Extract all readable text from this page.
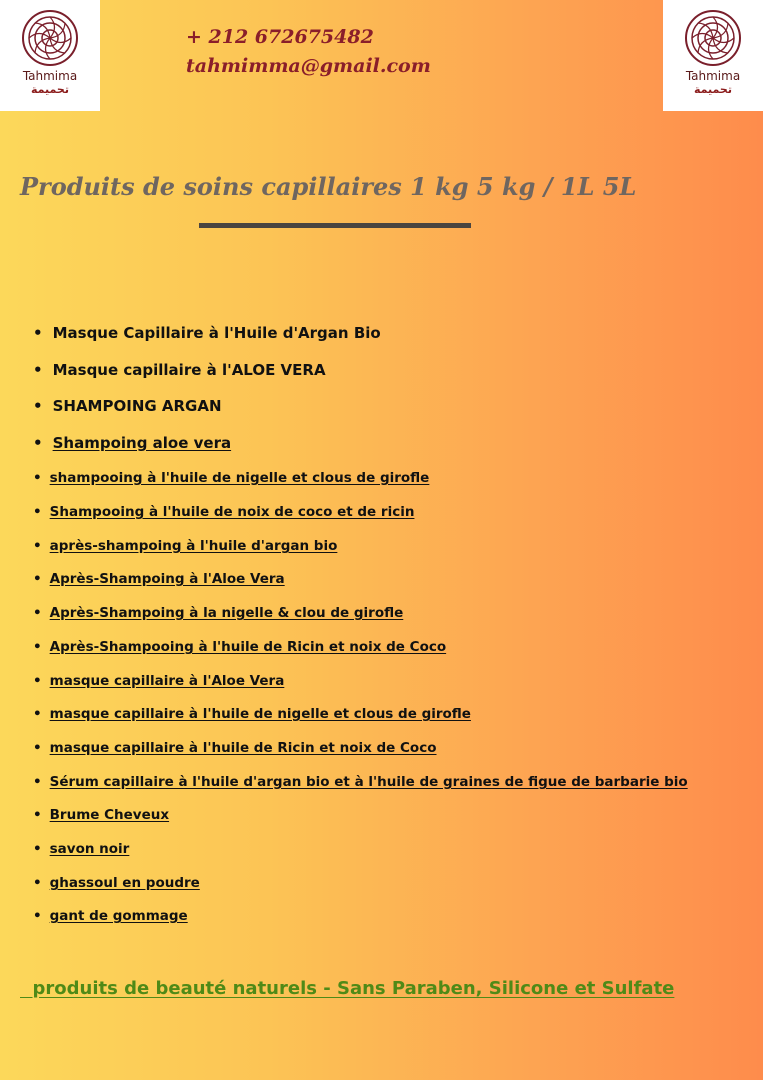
Tahmima
تحميمة
Tahmima
تحميمة
+ 212 672675482
tahmimma@gmail.com
Produits de soins capillaires 1 kg 5 kg / 1L 5L
• Masque Capillaire à l'Huile d'Argan Bio
• Masque capillaire à l'ALOE VERA
• SHAMPOING ARGAN
• Shampoing aloe vera
• shampooing à l'huile de nigelle et clous de girofle
• Shampooing à l'huile de noix de coco et de ricin
• après-shampoing à l'huile d'argan bio
• Après-Shampoing à l'Aloe Vera
• Après-Shampoing à la nigelle & clou de girofle
• Après-Shampooing à l'huile de Ricin et noix de Coco
• masque capillaire à l'Aloe Vera
• masque capillaire à l'huile de nigelle et clous de girofle
• masque capillaire à l'huile de Ricin et noix de Coco
• Sérum capillaire à l'huile d'argan bio et à l'huile de graines de figue de barbarie bio
• Brume Cheveux
• savon noir
• ghassoul en poudre
• gant de gommage
produits de beauté naturels - Sans Paraben, Silicone et Sulfate
